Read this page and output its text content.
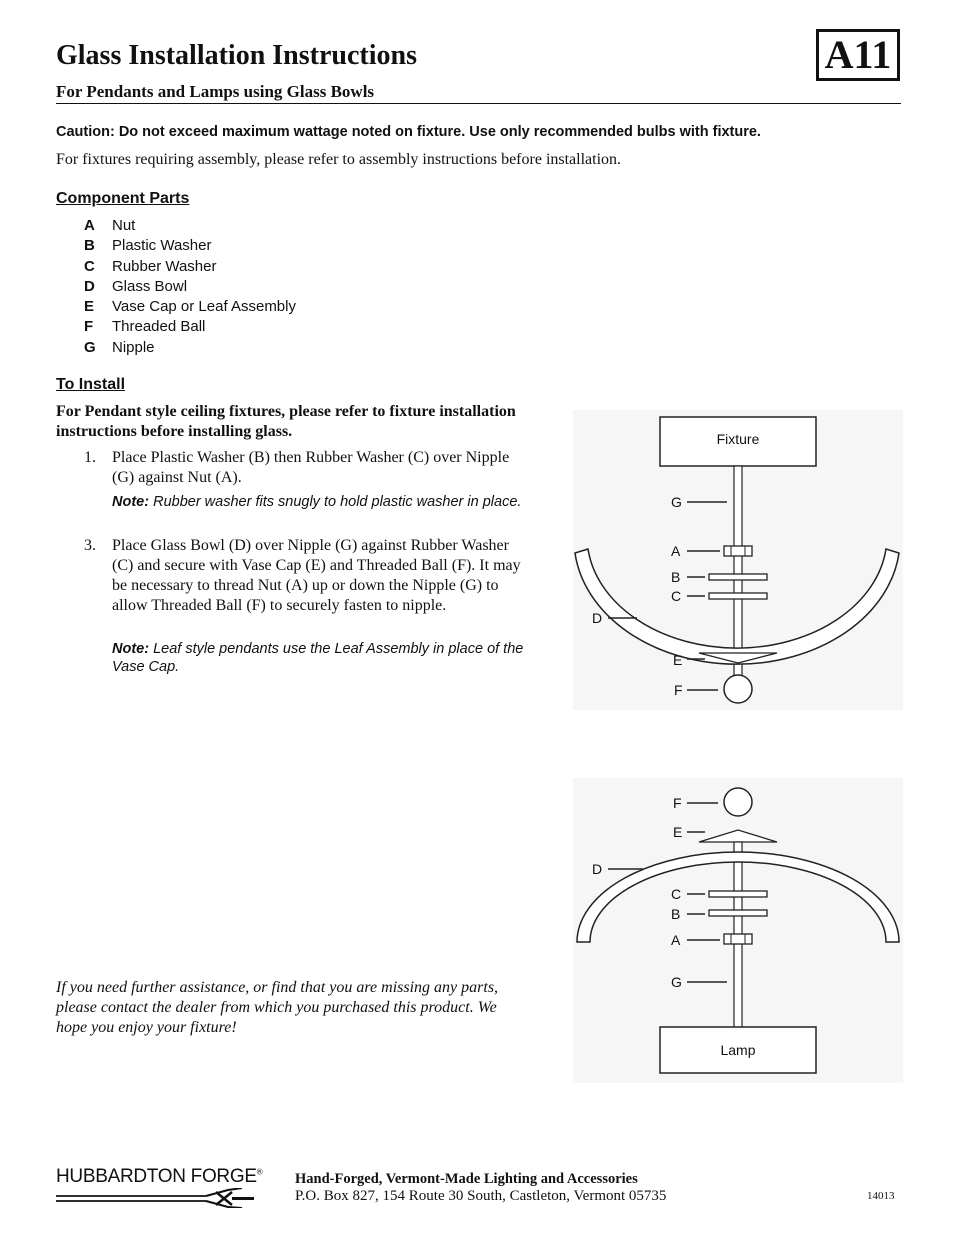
Glass Installation Instructions
For Pendants and Lamps using Glass Bowls
A11
Caution: Do not exceed maximum wattage noted on fixture. Use only recommended bulbs with fixture.
For fixtures requiring assembly, please refer to assembly instructions before installation.
Component Parts
A	Nut
B	Plastic Washer
C	Rubber Washer
D	Glass Bowl
E	Vase Cap or Leaf Assembly
F	Threaded Ball
G	Nipple
To Install
For Pendant style ceiling fixtures, please refer to fixture installation instructions before installing glass.
1.	Place Plastic Washer (B) then Rubber Washer (C) over Nipple (G) against Nut (A).
Note: Rubber washer fits snugly to hold plastic washer in place.
3.	Place Glass Bowl (D) over Nipple (G) against Rubber Washer (C) and secure with Vase Cap (E) and Threaded Ball (F). It may be necessary to thread Nut (A) up or down the Nipple (G) to allow Threaded Ball (F) to securely fasten to nipple.
Note: Leaf style pendants use the Leaf Assembly in place of the Vase Cap.
If you need further assistance, or find that you are missing any parts, please contact the dealer from which you purchased this product. We hope you enjoy your fixture!
Fixture
G
A
B
C
D
E
F
Lamp
F
E
D
C
B
A
G
HUBBARDTON FORGE® Hand-Forged, Vermont-Made Lighting and Accessories
P.O. Box 827, 154 Route 30 South, Castleton, Vermont 05735	14013
